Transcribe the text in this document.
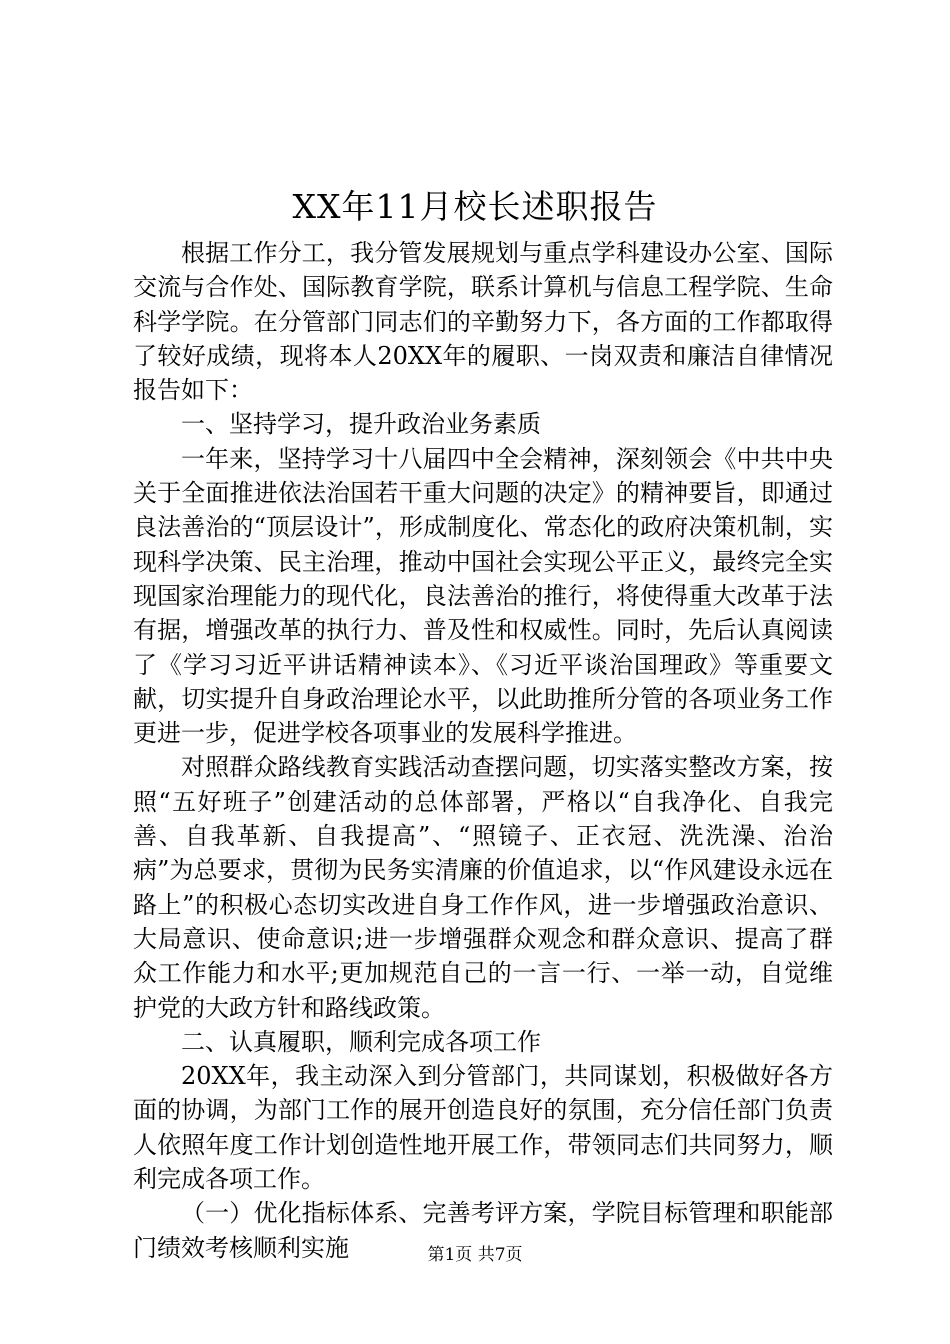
XX年11月校长述职报告

根据工作分工，我分管发展规划与重点学科建设办公室、国际交流与合作处、国际教育学院，联系计算机与信息工程学院、生命科学学院。在分管部门同志们的辛勤努力下，各方面的工作都取得了较好成绩，现将本人20XX年的履职、一岗双责和廉洁自律情况报告如下：

一、坚持学习，提升政治业务素质

一年来，坚持学习十八届四中全会精神，深刻领会《中共中央关于全面推进依法治国若干重大问题的决定》的精神要旨，即通过良法善治的“顶层设计”，形成制度化、常态化的政府决策机制，实现科学决策、民主治理，推动中国社会实现公平正义，最终完全实现国家治理能力的现代化，良法善治的推行，将使得重大改革于法有据，增强改革的执行力、普及性和权威性。同时，先后认真阅读了《学习习近平讲话精神读本》、《习近平谈治国理政》等重要文献，切实提升自身政治理论水平，以此助推所分管的各项业务工作更进一步，促进学校各项事业的发展科学推进。

对照群众路线教育实践活动查摆问题，切实落实整改方案，按照“五好班子”创建活动的总体部署，严格以“自我净化、自我完善、自我革新、自我提高”、“照镜子、正衣冠、洗洗澡、治治病”为总要求，贯彻为民务实清廉的价值追求，以“作风建设永远在路上”的积极心态切实改进自身工作作风，进一步增强政治意识、大局意识、使命意识;进一步增强群众观念和群众意识、提高了群众工作能力和水平;更加规范自己的一言一行、一举一动，自觉维护党的大政方针和路线政策。

二、认真履职，顺利完成各项工作

20XX年，我主动深入到分管部门，共同谋划，积极做好各方面的协调，为部门工作的展开创造良好的氛围，充分信任部门负责人依照年度工作计划创造性地开展工作，带领同志们共同努力，顺利完成各项工作。

（一）优化指标体系、完善考评方案，学院目标管理和职能部门绩效考核顺利实施	第1页 共7页
